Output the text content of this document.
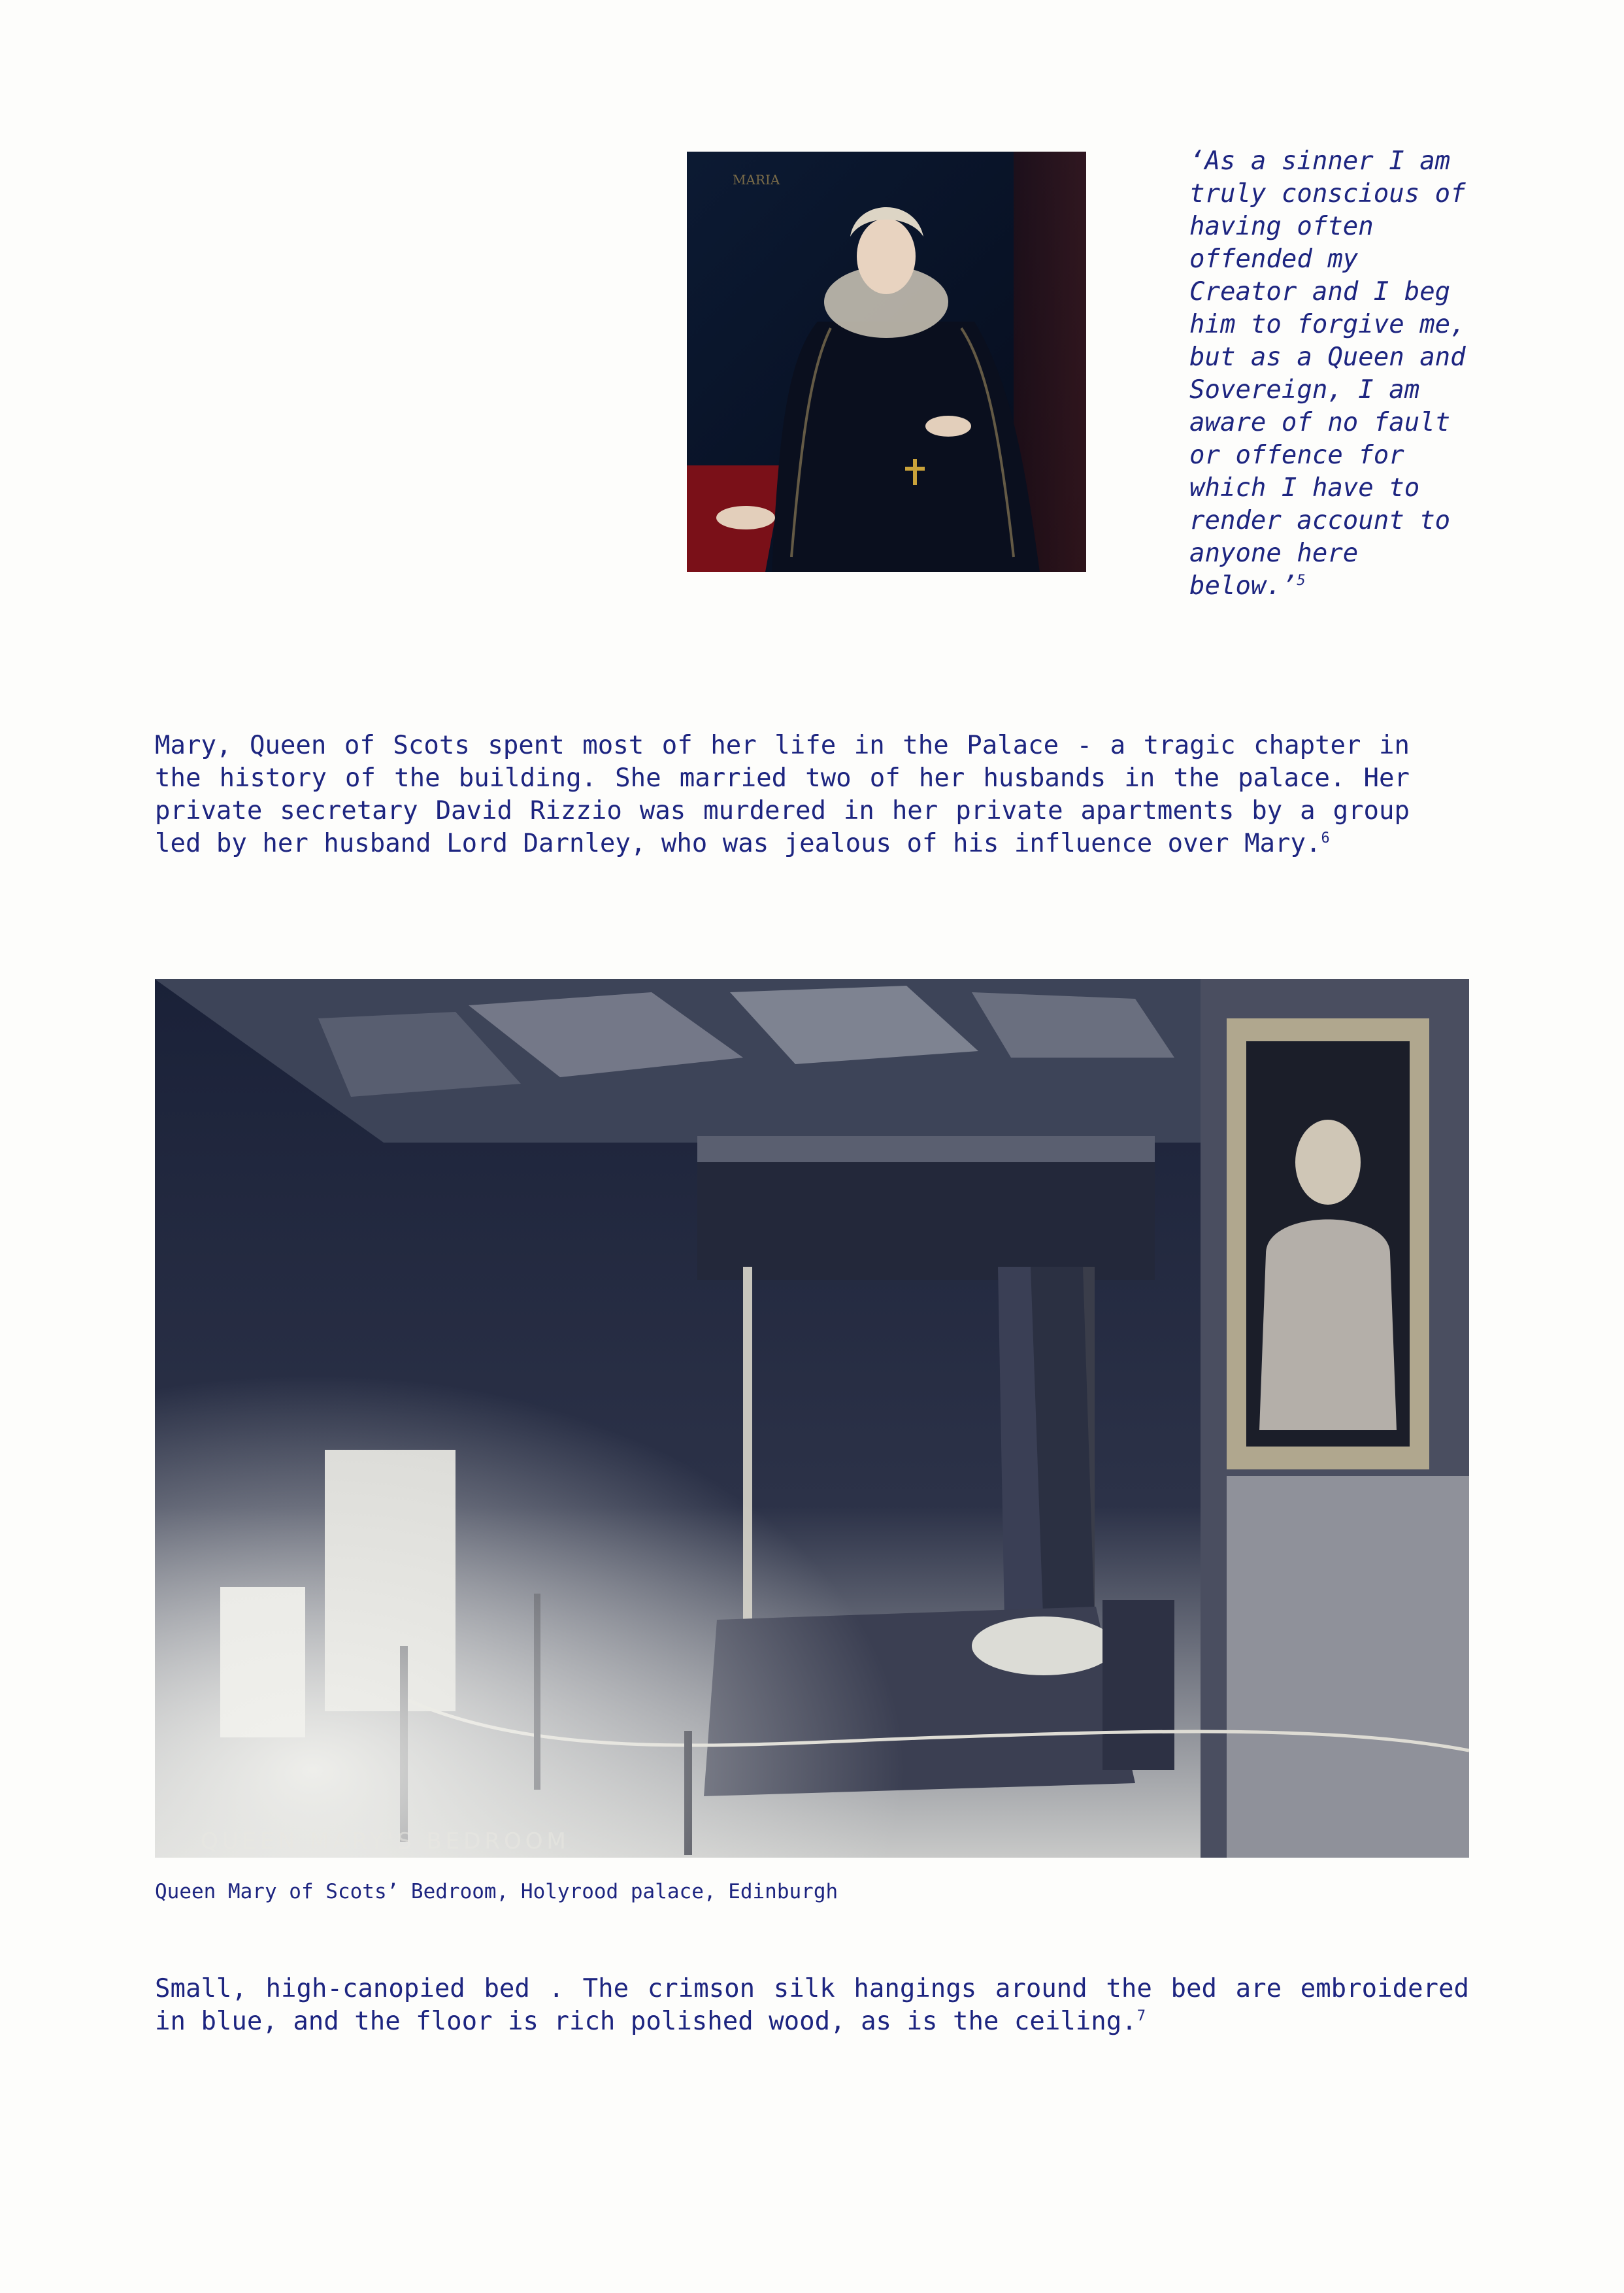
MARIA
‘As a sinner I am truly conscious of having often offended my Creator and I beg him to forgive me, but as a Queen and Sovereign, I am aware of no fault or offence for which I have to render account to anyone here below.’$^5$
Mary, Queen of Scots spent most of her life in the Palace - a tragic chapter in the history of the building. She married two of her husbands in the palace. Her private secretary David Rizzio was murdered in her private apartments by a group led by her husband Lord Darnley, who was jealous of his influence over Mary.$^6$
QUEEN MARY'S BEDROOM
Queen Mary of Scots’ Bedroom, Holyrood palace, Edinburgh
Small, high-canopied bed . The crimson silk hangings around the bed are embroidered in blue, and the floor is rich polished wood, as is the ceiling.$^7$
